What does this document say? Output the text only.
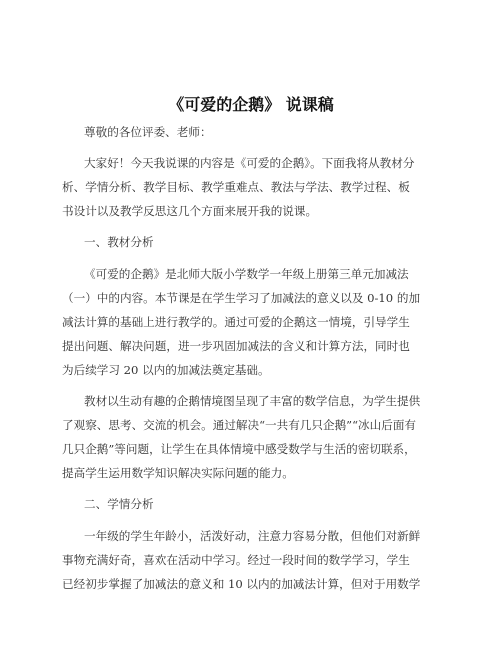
《可爱的企鹅》 说课稿

尊敬的各位评委、老师：

大家好！今天我说课的内容是《可爱的企鹅》。下面我将从教材分

析、学情分析、教学目标、教学重难点、教法与学法、教学过程、板

书设计以及教学反思这几个方面来展开我的说课。

一、教材分析

《可爱的企鹅》是北师大版小学数学一年级上册第三单元加减法

（一）中的内容。本节课是在学生学习了加减法的意义以及 0-10 的加

减法计算的基础上进行教学的。通过可爱的企鹅这一情境，引导学生

提出问题、解决问题，进一步巩固加减法的含义和计算方法，同时也

为后续学习 20 以内的加减法奠定基础。

教材以生动有趣的企鹅情境图呈现了丰富的数学信息，为学生提供

了观察、思考、交流的机会。通过解决“一共有几只企鹅”“冰山后面有

几只企鹅”等问题，让学生在具体情境中感受数学与生活的密切联系，

提高学生运用数学知识解决实际问题的能力。

二、学情分析

一年级的学生年龄小，活泼好动，注意力容易分散，但他们对新鲜

事物充满好奇，喜欢在活动中学习。经过一段时间的数学学习，学生

已经初步掌握了加减法的意义和 10 以内的加减法计算，但对于用数学
